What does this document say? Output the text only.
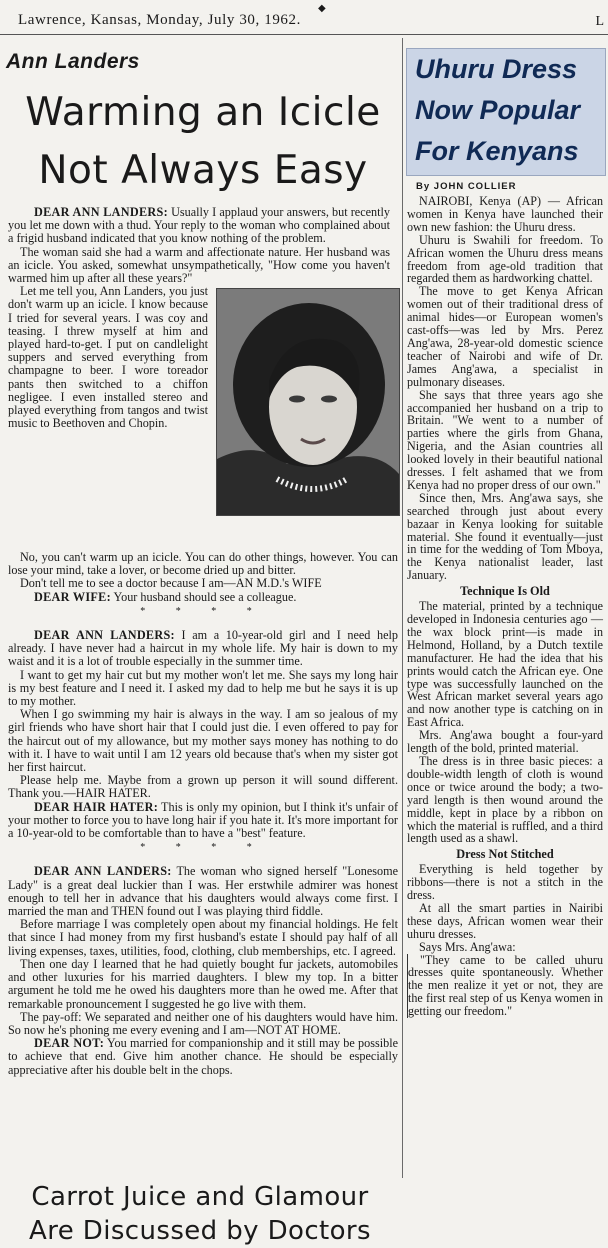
Lawrence, Kansas, Monday, July 30, 1962.
◆
L
Ann Landers
Warming an Icicle
Not Always Easy

DEAR ANN LANDERS: Usually I applaud your answers, but recently you let me down with a thud. Your reply to the woman who complained about a frigid husband indicated that you know nothing of the problem.

The woman said she had a warm and affectionate nature. Her husband was an icicle. You asked, somewhat unsympathetically, "How come you haven't warmed him up after all these years?"

Let me tell you, Ann Landers, you just don't warm up an icicle. I know because I tried for several years. I was coy and teasing. I threw myself at him and played hard-to-get. I put on candlelight suppers and served everything from champagne to beer. I wore toreador pants then switched to a chiffon negligee. I even installed stereo and played everything from tangos and twist music to Beethoven and Chopin.

No, you can't warm up an icicle. You can do other things, however. You can lose your mind, take a lover, or become dried up and bitter.

Don't tell me to see a doctor because I am—AN M.D.'s WIFE

DEAR WIFE: Your husband should see a colleague.

* * * *

DEAR ANN LANDERS: I am a 10-year-old girl and I need help already. I have never had a haircut in my whole life. My hair is down to my waist and it is a lot of trouble especially in the summer time.

I want to get my hair cut but my mother won't let me. She says my long hair is my best feature and I need it. I asked my dad to help me but he says it is up to my mother.

When I go swimming my hair is always in the way. I am so jealous of my girl friends who have short hair that I could just die. I even offered to pay for the haircut out of my allowance, but my mother says money has nothing to do with it. I have to wait until I am 12 years old because that's when my sister got her first haircut.

Please help me. Maybe from a grown up person it will sound different. Thank you.—HAIR HATER.

DEAR HAIR HATER: This is only my opinion, but I think it's unfair of your mother to force you to have long hair if you hate it. It's more important for a 10-year-old to be comfortable than to have a "best" feature.

* * * *

DEAR ANN LANDERS: The woman who signed herself "Lonesome Lady" is a great deal luckier than I was. Her erstwhile admirer was honest enough to tell her in advance that his daughters would always come first. I married the man and THEN found out I was playing third fiddle.

Before marriage I was completely open about my financial holdings. He felt that since I had money from my first husband's estate I should pay half of all living expenses, taxes, utilities, food, clothing, club memberships, etc. I agreed.

Then one day I learned that he had quietly bought fur jackets, automobiles and other luxuries for his married daughters. I blew my top. In a bitter argument he told me he owed his daughters more than he owed me. After that remarkable pronouncement I suggested he go live with them.

The pay-off: We separated and neither one of his daughters would have him. So now he's phoning me every evening and I am—NOT AT HOME.

DEAR NOT: You married for companionship and it still may be possible to achieve that end. Give him another chance. He should be especially appreciative after his double belt in the chops.

Carrot Juice and Glamour
Are Discussed by Doctors
Uhuru Dress
Now Popular
For Kenyans
By JOHN COLLIER

NAIROBI, Kenya (AP) — African women in Kenya have launched their own new fashion: the Uhuru dress.

Uhuru is Swahili for freedom. To African women the Uhuru dress means freedom from age-old tradition that regarded them as hardworking chattel.

The move to get Kenya African women out of their traditional dress of animal hides—or European women's cast-offs—was led by Mrs. Perez Ang'awa, 28-year-old domestic science teacher of Nairobi and wife of Dr. James Ang'awa, a specialist in pulmonary diseases.

She says that three years ago she accompanied her husband on a trip to Britain. "We went to a number of parties where the girls from Ghana, Nigeria, and the Asian countries all looked lovely in their beautiful national dresses. I felt ashamed that we from Kenya had no proper dress of our own."

Since then, Mrs. Ang'awa says, she searched through just about every bazaar in Kenya looking for suitable material. She found it eventually—just in time for the wedding of Tom Mboya, the Kenya nationalist leader, last January.

Technique Is Old

The material, printed by a technique developed in Indonesia centuries ago — the wax block print—is made in Helmond, Holland, by a Dutch textile manufacturer. He had the idea that his prints would catch the African eye. One type was successfully launched on the West African market several years ago and now another type is catching on in East Africa.

Mrs. Ang'awa bought a four-yard length of the bold, printed material.

The dress is in three basic pieces: a double-width length of cloth is wound once or twice around the body; a two-yard length is then wound around the middle, kept in place by a ribbon on which the material is ruffled, and a third length used as a shawl.

Dress Not Stitched

Everything is held together by ribbons—there is not a stitch in the dress.

At all the smart parties in Nairibi these days, African women wear their uhuru dresses.

Says Mrs. Ang'awa:

"They came to be called uhuru dresses quite spontaneously. Whether the men realize it yet or not, they are the first real step of us Kenya women in getting our freedom."
